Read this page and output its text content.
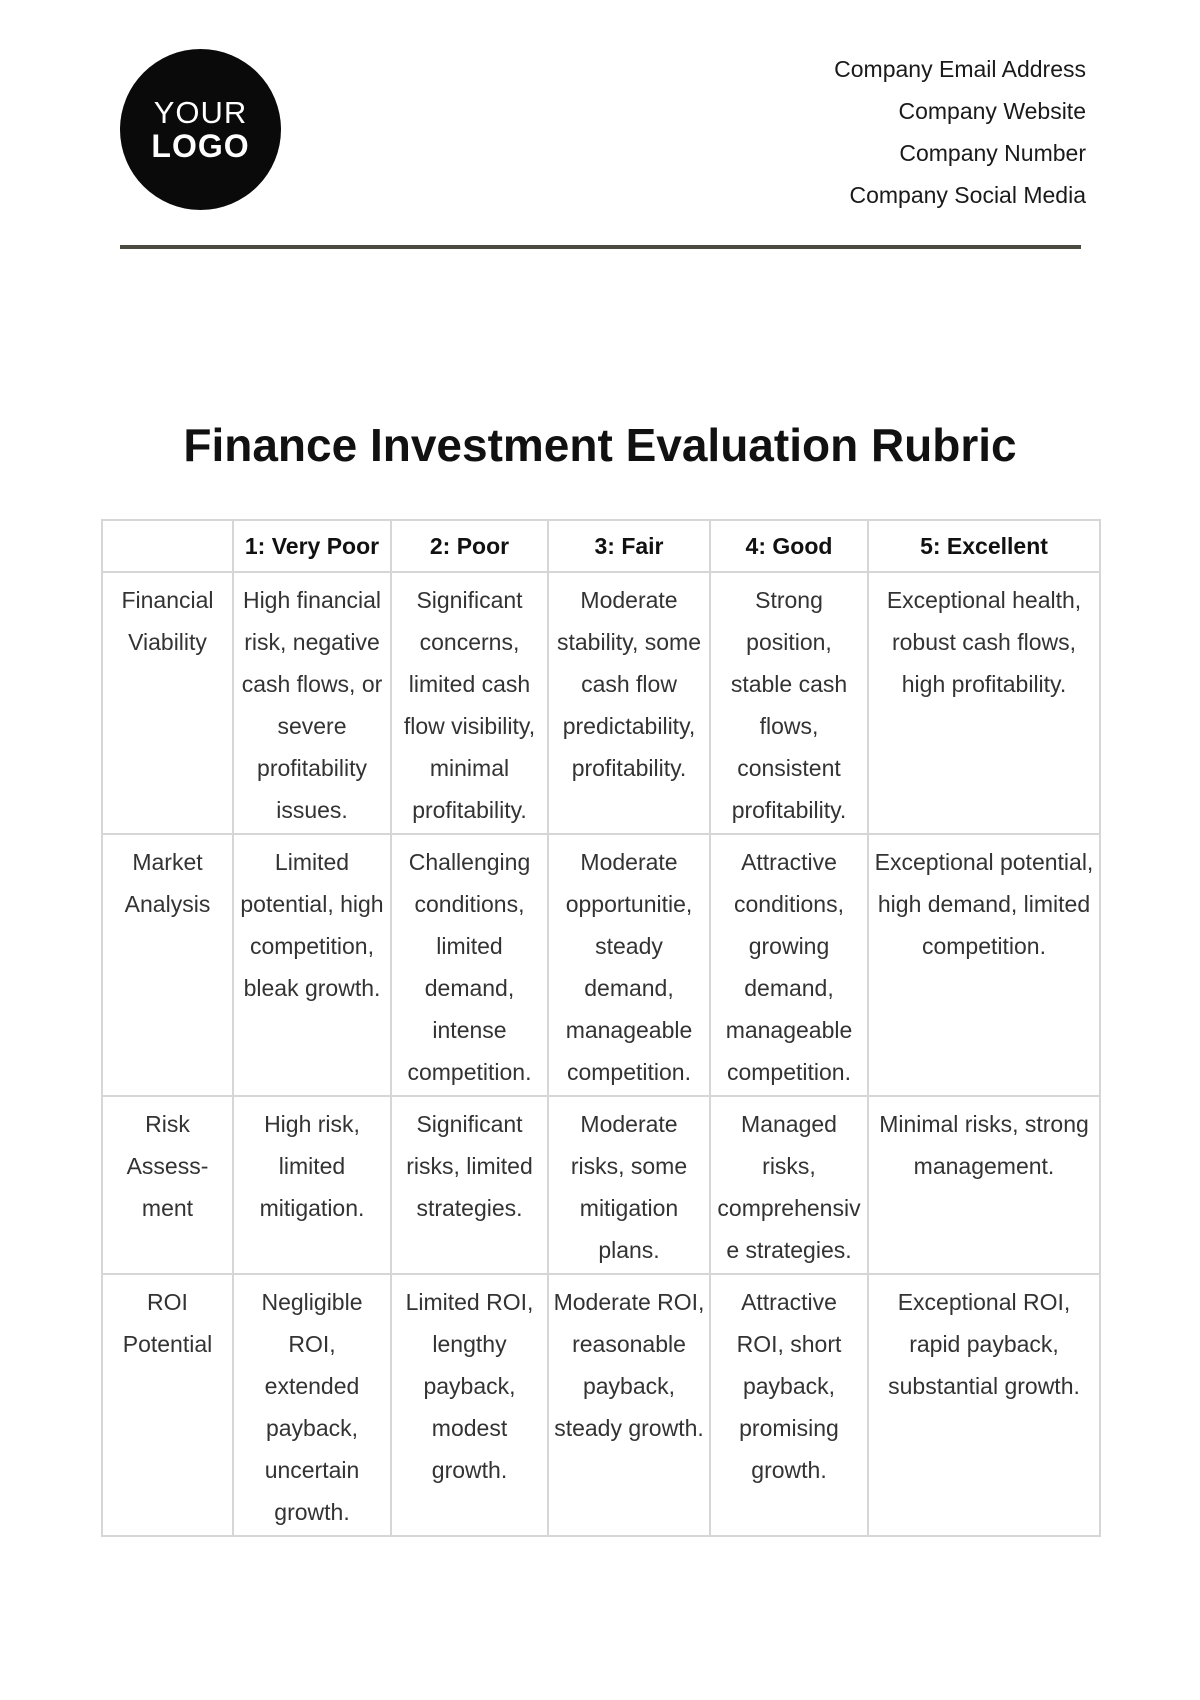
YOUR
LOGO
Company Email Address
Company Website
Company Number
Company Social Media
Finance Investment Evaluation Rubric
	1: Very Poor	2: Poor	3: Fair	4: Good	5: Excellent
Financial Viability	High financial risk, negative cash flows, or severe profitability issues.	Significant concerns, limited cash flow visibility, minimal profitability.	Moderate stability, some cash flow predictability, profitability.	Strong position, stable cash flows, consistent profitability.	Exceptional health, robust cash flows, high profitability.
Market Analysis	Limited potential, high competition, bleak growth.	Challenging conditions, limited demand, intense competition.	Moderate opportunitie, steady demand, manageable competition.	Attractive conditions, growing demand, manageable competition.	Exceptional potential, high demand, limited competition.
Risk Assess-ment	High risk, limited mitigation.	Significant risks, limited strategies.	Moderate risks, some mitigation plans.	Managed risks, comprehensive strategies.	Minimal risks, strong management.
ROI Potential	Negligible ROI, extended payback, uncertain growth.	Limited ROI, lengthy payback, modest growth.	Moderate ROI, reasonable payback, steady growth.	Attractive ROI, short payback, promising growth.	Exceptional ROI, rapid payback, substantial growth.
